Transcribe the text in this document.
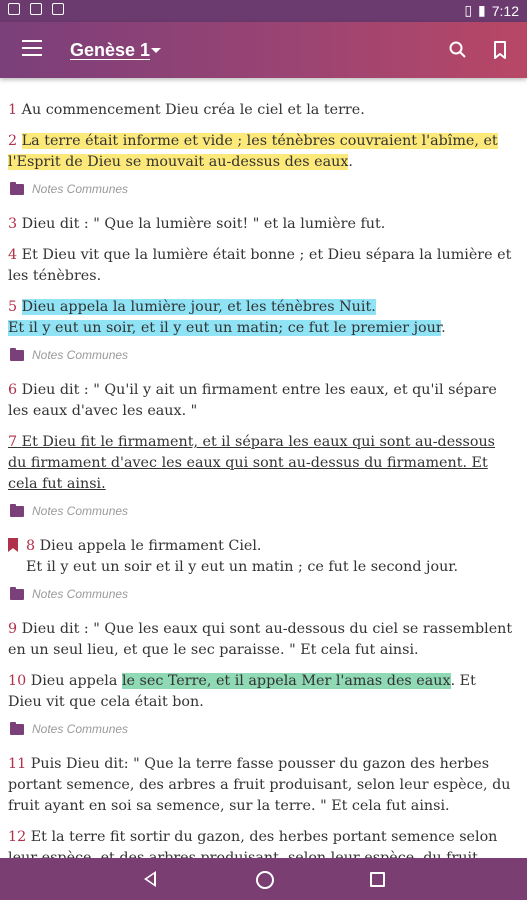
▯ ▮ 7:12
Genèse 1
1 Au commencement Dieu créa le ciel et la terre.
2 La terre était informe et vide ; les ténèbres couvraient l'abîme, et l'Esprit de Dieu se mouvait au-dessus des eaux.
Notes Communes
3 Dieu dit : " Que la lumière soit! " et la lumière fut.
4 Et Dieu vit que la lumière était bonne ; et Dieu sépara la lumière et les ténèbres.
5 Dieu appela la lumière jour, et les ténèbres Nuit.
Et il y eut un soir, et il y eut un matin; ce fut le premier jour.
Notes Communes
6 Dieu dit : " Qu'il y ait un firmament entre les eaux, et qu'il sépare les eaux d'avec les eaux. "
7 Et Dieu fit le firmament, et il sépara les eaux qui sont au-dessous du firmament d'avec les eaux qui sont au-dessus du firmament. Et cela fut ainsi.
Notes Communes
8 Dieu appela le firmament Ciel.
Et il y eut un soir et il y eut un matin ; ce fut le second jour.
Notes Communes
9 Dieu dit : " Que les eaux qui sont au-dessous du ciel se rassemblent en un seul lieu, et que le sec paraisse. " Et cela fut ainsi.
10 Dieu appela le sec Terre, et il appela Mer l'amas des eaux. Et Dieu vit que cela était bon.
Notes Communes
11 Puis Dieu dit: " Que la terre fasse pousser du gazon des herbes portant semence, des arbres a fruit produisant, selon leur espèce, du fruit ayant en soi sa semence, sur la terre. " Et cela fut ainsi.
12 Et la terre fit sortir du gazon, des herbes portant semence selon
